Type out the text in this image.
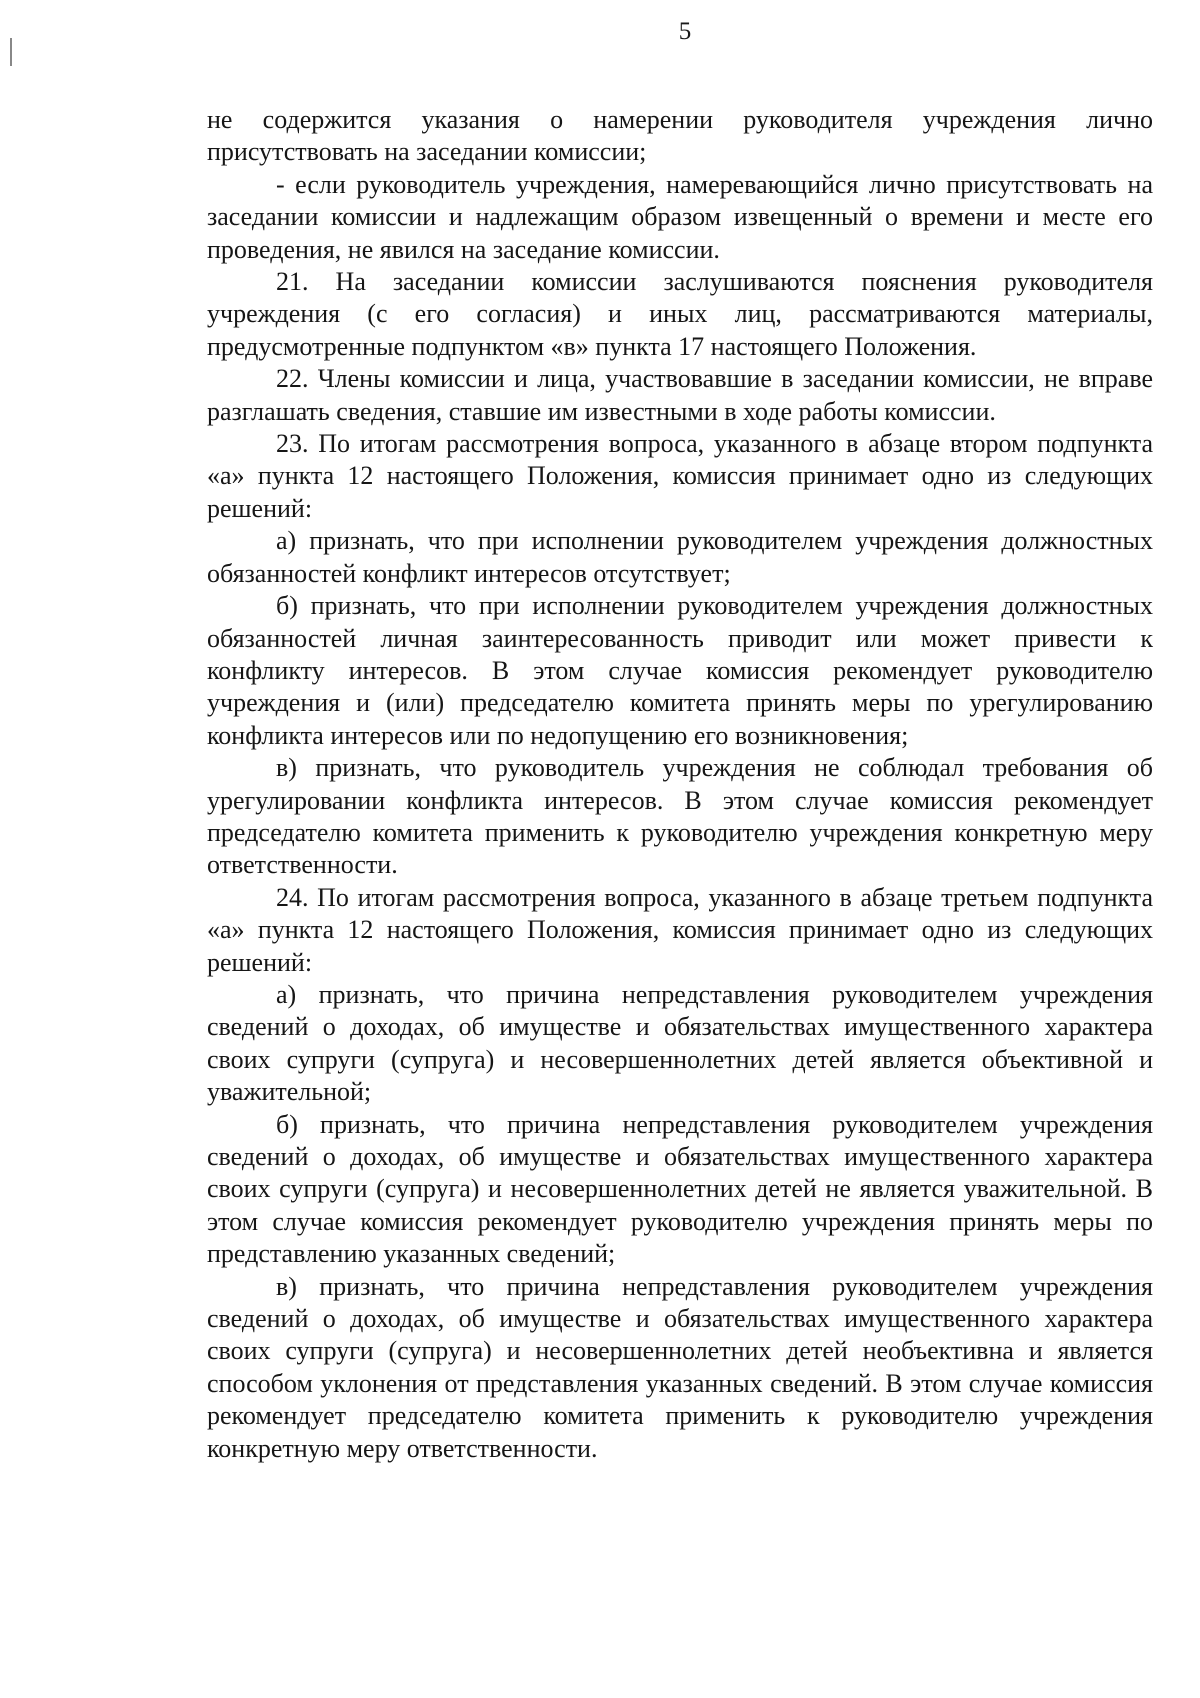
5

не содержится указания о намерении руководителя учреждения лично присутствовать на заседании комиссии;

- если руководитель учреждения, намеревающийся лично присутствовать на заседании комиссии и надлежащим образом извещенный о времени и месте его проведения, не явился на заседание комиссии.

21. На заседании комиссии заслушиваются пояснения руководителя учреждения (с его согласия) и иных лиц, рассматриваются материалы, предусмотренные подпунктом «в» пункта 17 настоящего Положения.

22. Члены комиссии и лица, участвовавшие в заседании комиссии, не вправе разглашать сведения, ставшие им известными в ходе работы комиссии.

23. По итогам рассмотрения вопроса, указанного в абзаце втором подпункта «а» пункта 12 настоящего Положения, комиссия принимает одно из следующих решений:

а) признать, что при исполнении руководителем учреждения должностных обязанностей конфликт интересов отсутствует;

б) признать, что при исполнении руководителем учреждения должностных обязанностей личная заинтересованность приводит или может привести к конфликту интересов. В этом случае комиссия рекомендует руководителю учреждения и (или) председателю комитета принять меры по урегулированию конфликта интересов или по недопущению его возникновения;

в) признать, что руководитель учреждения не соблюдал требования об урегулировании конфликта интересов. В этом случае комиссия рекомендует председателю комитета применить к руководителю учреждения конкретную меру ответственности.

24. По итогам рассмотрения вопроса, указанного в абзаце третьем подпункта «а» пункта 12 настоящего Положения, комиссия принимает одно из следующих решений:

а) признать, что причина непредставления руководителем учреждения сведений о доходах, об имуществе и обязательствах имущественного характера своих супруги (супруга) и несовершеннолетних детей является объективной и уважительной;

б) признать, что причина непредставления руководителем учреждения сведений о доходах, об имуществе и обязательствах имущественного характера своих супруги (супруга) и несовершеннолетних детей не является уважительной. В этом случае комиссия рекомендует руководителю учреждения принять меры по представлению указанных сведений;

в) признать, что причина непредставления руководителем учреждения сведений о доходах, об имуществе и обязательствах имущественного характера своих супруги (супруга) и несовершеннолетних детей необъективна и является способом уклонения от представления указанных сведений. В этом случае комиссия рекомендует председателю комитета применить к руководителю учреждения конкретную меру ответственности.
